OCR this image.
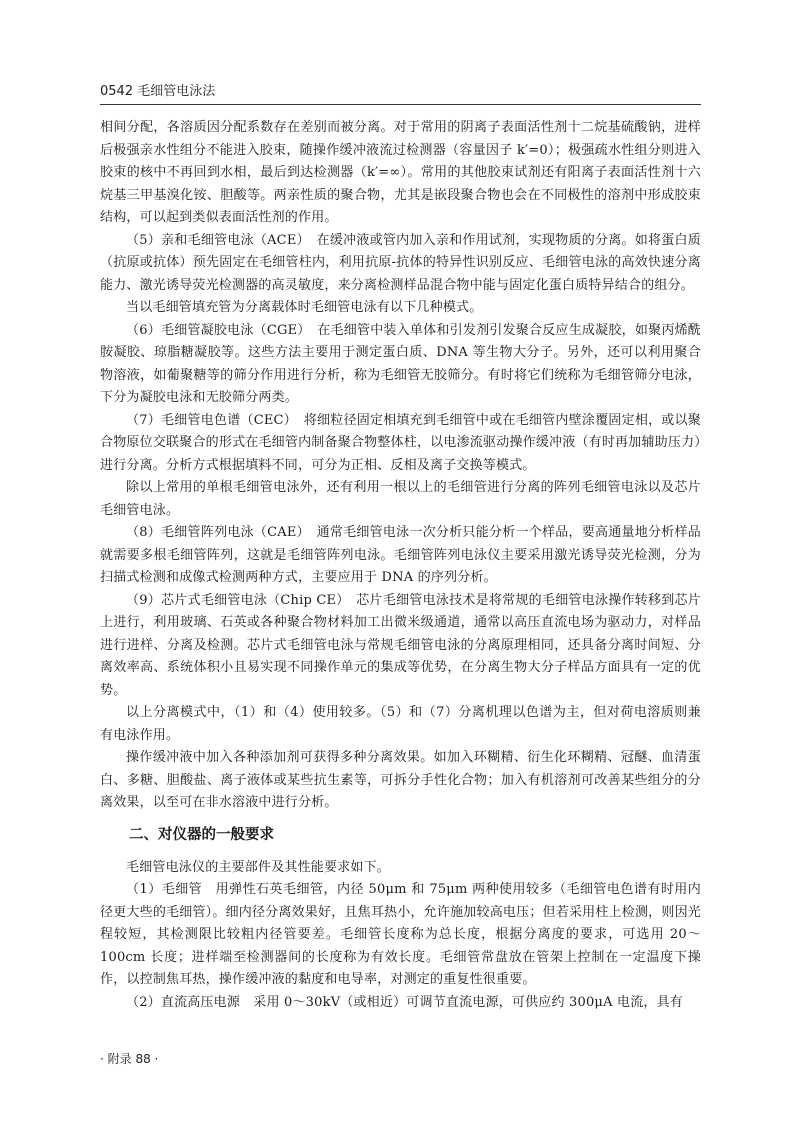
0542 毛细管电泳法

相间分配，各溶质因分配系数存在差别而被分离。对于常用的阴离子表面活性剂十二烷基硫酸钠，进样后极强亲水性组分不能进入胶束，随操作缓冲液流过检测器（容量因子 k′=0）；极强疏水性组分则进入胶束的核中不再回到水相，最后到达检测器（k′=∞）。常用的其他胶束试剂还有阳离子表面活性剂十六烷基三甲基溴化铵、胆酸等。两亲性质的聚合物，尤其是嵌段聚合物也会在不同极性的溶剂中形成胶束结构，可以起到类似表面活性剂的作用。

（5）亲和毛细管电泳（ACE）　在缓冲液或管内加入亲和作用试剂，实现物质的分离。如将蛋白质（抗原或抗体）预先固定在毛细管柱内，利用抗原-抗体的特异性识别反应、毛细管电泳的高效快速分离能力、激光诱导荧光检测器的高灵敏度，来分离检测样品混合物中能与固定化蛋白质特异结合的组分。

当以毛细管填充管为分离载体时毛细管电泳有以下几种模式。

（6）毛细管凝胶电泳（CGE）　在毛细管中装入单体和引发剂引发聚合反应生成凝胶，如聚丙烯酰胺凝胶、琼脂糖凝胶等。这些方法主要用于测定蛋白质、DNA 等生物大分子。另外，还可以利用聚合物溶液，如葡聚糖等的筛分作用进行分析，称为毛细管无胶筛分。有时将它们统称为毛细管筛分电泳，下分为凝胶电泳和无胶筛分两类。

（7）毛细管电色谱（CEC）　将细粒径固定相填充到毛细管中或在毛细管内壁涂覆固定相，或以聚合物原位交联聚合的形式在毛细管内制备聚合物整体柱，以电渗流驱动操作缓冲液（有时再加辅助压力）进行分离。分析方式根据填料不同，可分为正相、反相及离子交换等模式。

除以上常用的单根毛细管电泳外，还有利用一根以上的毛细管进行分离的阵列毛细管电泳以及芯片毛细管电泳。

（8）毛细管阵列电泳（CAE）　通常毛细管电泳一次分析只能分析一个样品，要高通量地分析样品就需要多根毛细管阵列，这就是毛细管阵列电泳。毛细管阵列电泳仪主要采用激光诱导荧光检测，分为扫描式检测和成像式检测两种方式，主要应用于 DNA 的序列分析。

（9）芯片式毛细管电泳（Chip CE）　芯片毛细管电泳技术是将常规的毛细管电泳操作转移到芯片上进行，利用玻璃、石英或各种聚合物材料加工出微米级通道，通常以高压直流电场为驱动力，对样品进行进样、分离及检测。芯片式毛细管电泳与常规毛细管电泳的分离原理相同，还具备分离时间短、分离效率高、系统体积小且易实现不同操作单元的集成等优势，在分离生物大分子样品方面具有一定的优势。

以上分离模式中，（1）和（4）使用较多。（5）和（7）分离机理以色谱为主，但对荷电溶质则兼有电泳作用。

操作缓冲液中加入各种添加剂可获得多种分离效果。如加入环糊精、衍生化环糊精、冠醚、血清蛋白、多糖、胆酸盐、离子液体或某些抗生素等，可拆分手性化合物；加入有机溶剂可改善某些组分的分离效果，以至可在非水溶液中进行分析。

二、对仪器的一般要求

毛细管电泳仪的主要部件及其性能要求如下。

（1）毛细管　用弹性石英毛细管，内径 50μm 和 75μm 两种使用较多（毛细管电色谱有时用内径更大些的毛细管）。细内径分离效果好，且焦耳热小，允许施加较高电压；但若采用柱上检测，则因光程较短，其检测限比较粗内径管要差。毛细管长度称为总长度，根据分离度的要求，可选用 20～100cm 长度；进样端至检测器间的长度称为有效长度。毛细管常盘放在管架上控制在一定温度下操作，以控制焦耳热，操作缓冲液的黏度和电导率，对测定的重复性很重要。

（2）直流高压电源　采用 0～30kV（或相近）可调节直流电源，可供应约 300μA 电流，具有

· 附录 88 ·
